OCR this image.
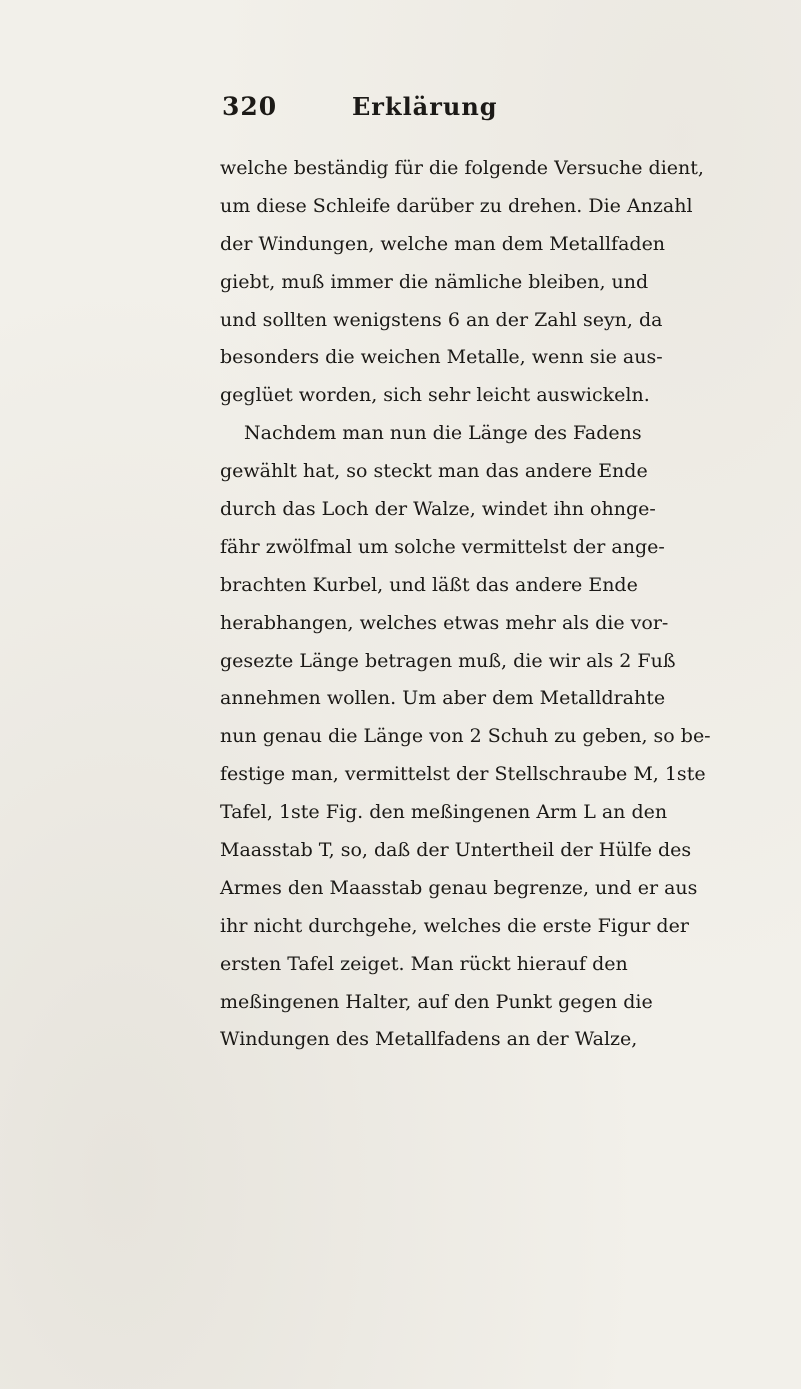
320	Erklärung
welche beständig für die folgende Versuche dient,
um diese Schleife darüber zu drehen. Die Anzahl
der Windungen, welche man dem Metallfaden
giebt, muß immer die nämliche bleiben, und
und sollten wenigstens 6 an der Zahl seyn, da
besonders die weichen Metalle, wenn sie aus-
geglüet worden, sich sehr leicht auswickeln.
Nachdem man nun die Länge des Fadens
gewählt hat, so steckt man das andere Ende
durch das Loch der Walze, windet ihn ohnge-
fähr zwölfmal um solche vermittelst der ange-
brachten Kurbel, und läßt das andere Ende
herabhangen, welches etwas mehr als die vor-
gesezte Länge betragen muß, die wir als 2 Fuß
annehmen wollen. Um aber dem Metalldrahte
nun genau die Länge von 2 Schuh zu geben, so be-
festige man, vermittelst der Stellschraube M, 1ste
Tafel, 1ste Fig. den meßingenen Arm L an den
Maasstab T, so, daß der Untertheil der Hülfe des
Armes den Maasstab genau begrenze, und er aus
ihr nicht durchgehe, welches die erste Figur der
ersten Tafel zeiget. Man rückt hierauf den
meßingenen Halter, auf den Punkt gegen die
Windungen des Metallfadens an der Walze,
